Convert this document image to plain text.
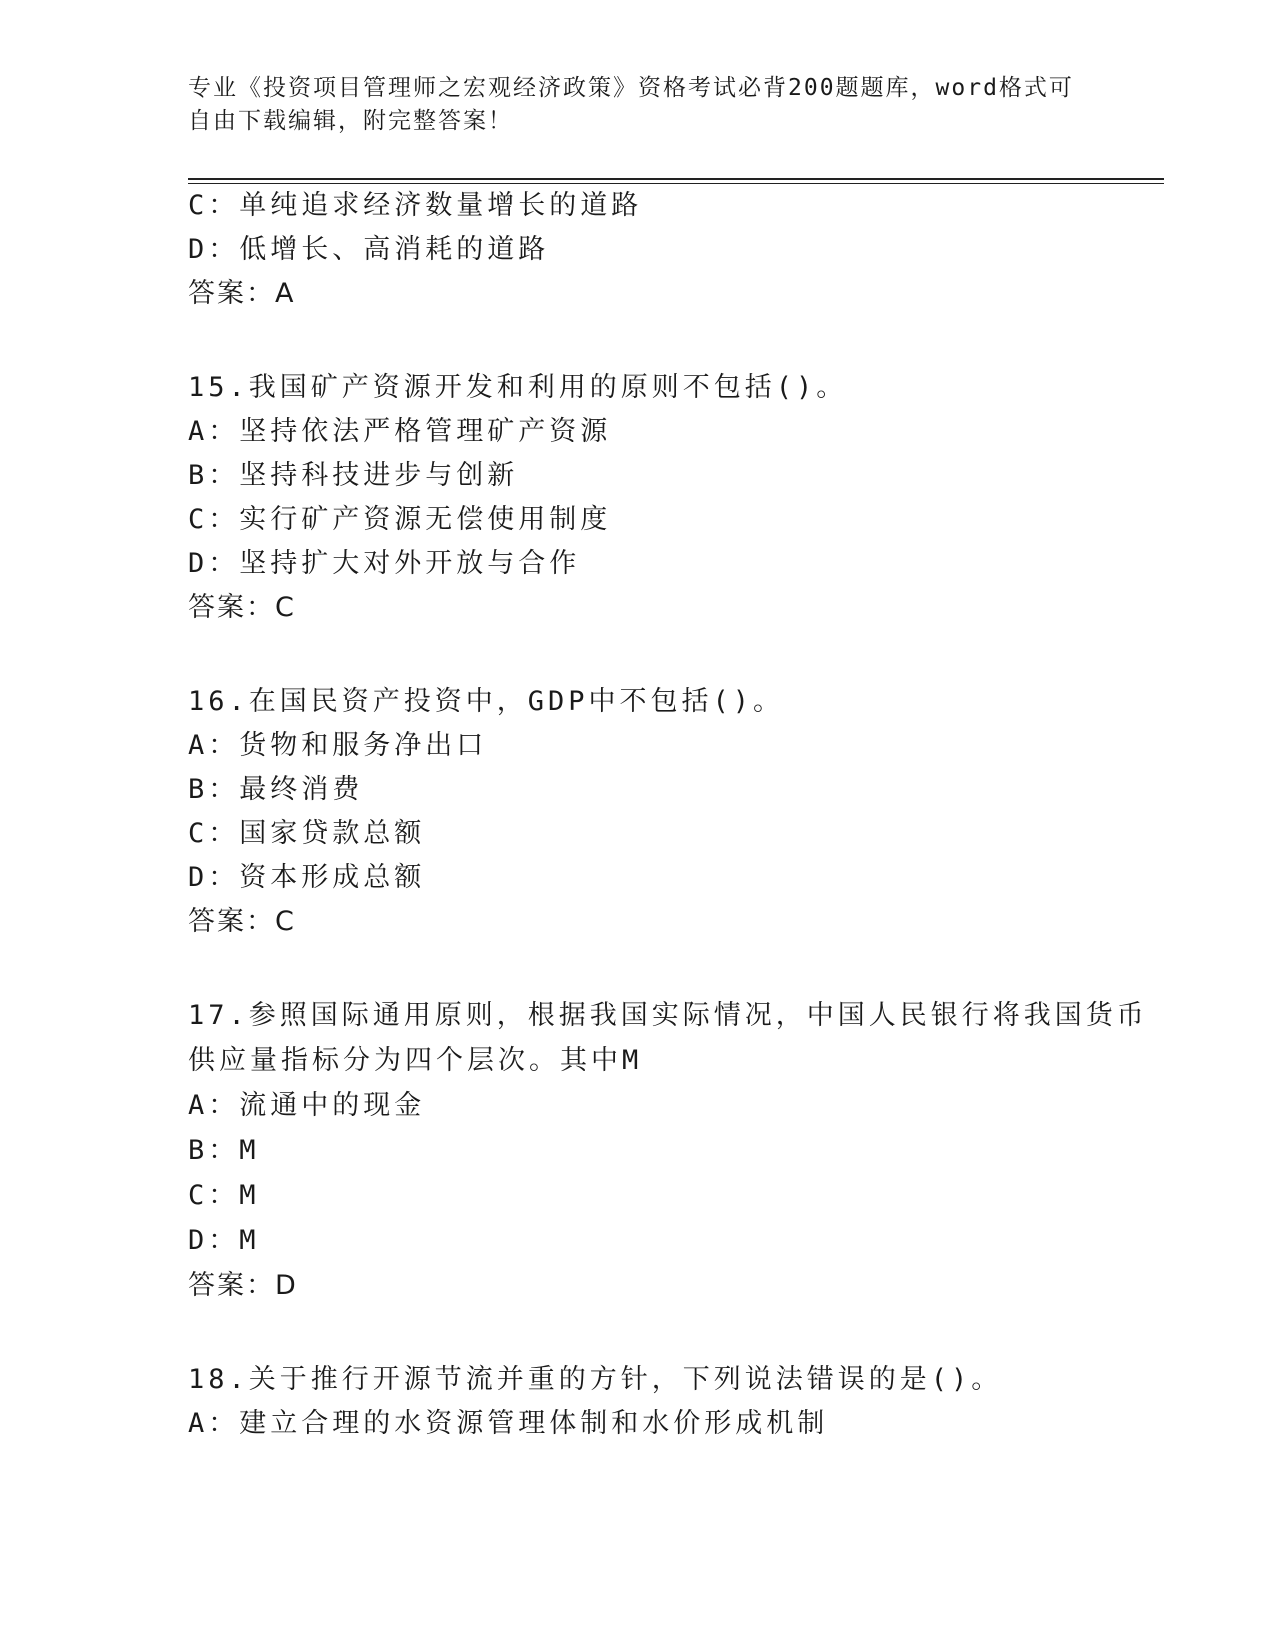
专业《投资项目管理师之宏观经济政策》资格考试必背200题题库，word格式可
自由下载编辑，附完整答案！
C：单纯追求经济数量增长的道路
D：低增长、高消耗的道路
答案：A
15.我国矿产资源开发和利用的原则不包括()。
A：坚持依法严格管理矿产资源
B：坚持科技进步与创新
C：实行矿产资源无偿使用制度
D：坚持扩大对外开放与合作
答案：C
16.在国民资产投资中，GDP中不包括()。
A：货物和服务净出口
B：最终消费
C：国家贷款总额
D：资本形成总额
答案：C
17.参照国际通用原则，根据我国实际情况，中国人民银行将我国货币
供应量指标分为四个层次。其中M
A：流通中的现金
B：M
C：M
D：M
答案：D
18.关于推行开源节流并重的方针，下列说法错误的是()。
A：建立合理的水资源管理体制和水价形成机制
